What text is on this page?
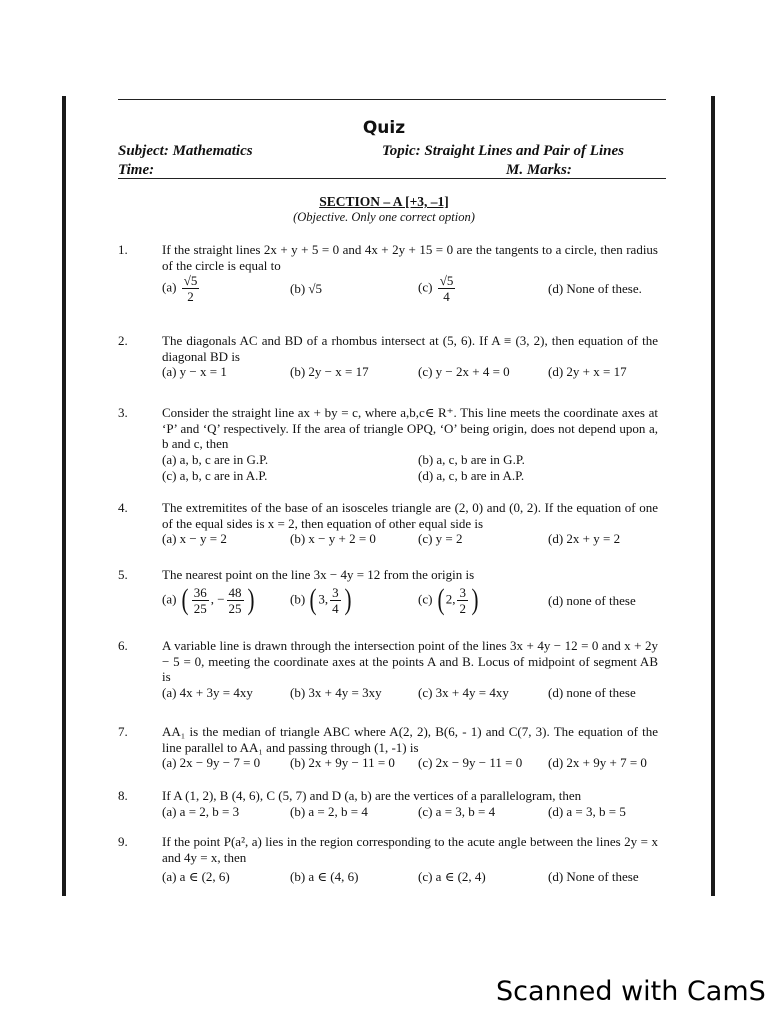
Quiz
Subject: Mathematics	Topic: Straight Lines and Pair of Lines
Time:	M. Marks:
SECTION – A [+3, –1]
(Objective. Only one correct option)
1.	If the straight lines 2x + y + 5 = 0 and 4x + 2y + 15 = 0 are the tangents to a circle, then radius of the circle is equal to
$(a) \frac{√5}{2}$	(b) √5	$(c) \frac{√5}{4}$	(d) None of these.
2.	The diagonals AC and BD of a rhombus intersect at (5, 6). If A ≡ (3, 2), then equation of the diagonal BD is
(a) y − x = 1	(b) 2y − x = 17	(c) y − 2x + 4 = 0	(d) 2y + x = 17
3.	Consider the straight line ax + by = c, where a,b,c∈ R⁺. This line meets the coordinate axes at ‘P’ and ‘Q’ respectively. If the area of triangle OPQ, ‘O’ being origin, does not depend upon a, b and c, then
(a) a, b, c are in G.P.	(b) a, c, b are in G.P.
(c) a, b, c are in A.P.	(d) a, c, b are in A.P.
4.	The extremitites of the base of an isosceles triangle are (2, 0) and (0, 2). If the equation of one of the equal sides is x = 2, then equation of other equal side is
(a) x − y = 2	(b) x − y + 2 = 0	(c) y = 2	(d) 2x + y = 2
5.	The nearest point on the line 3x − 4y = 12 from the origin is
(a) ( $\frac{36}{25}$ , − $\frac{48}{25}$ )	(b) ( 3, $\frac{3}{4}$ )	(c) ( 2, $\frac{3}{2}$ )	(d) none of these
6.	A variable line is drawn through the intersection point of the lines 3x + 4y − 12 = 0 and x + 2y − 5 = 0, meeting the coordinate axes at the points A and B. Locus of midpoint of segment AB is
(a) 4x + 3y = 4xy	(b) 3x + 4y = 3xy	(c) 3x + 4y = 4xy	(d) none of these
7.	AA₁ is the median of triangle ABC where A(2, 2), B(6, - 1) and C(7, 3). The equation of the line parallel to AA₁ and passing through (1, -1) is
(a) 2x − 9y − 7 = 0 (b) 2x + 9y − 11 = 0 (c) 2x − 9y − 11 = 0 (d) 2x + 9y + 7 = 0
8.	If A (1, 2), B (4, 6), C (5, 7) and D (a, b) are the vertices of a parallelogram, then
(a) a = 2, b = 3	(b) a = 2, b = 4	(c) a = 3, b = 4	(d) a = 3, b = 5
9.	If the point P(a², a) lies in the region corresponding to the acute angle between the lines 2y = x and 4y = x, then
(a) a ∈ (2, 6)	(b) a ∈ (4, 6)	(c) a ∈ (2, 4)	(d) None of these
Scanned with CamS
